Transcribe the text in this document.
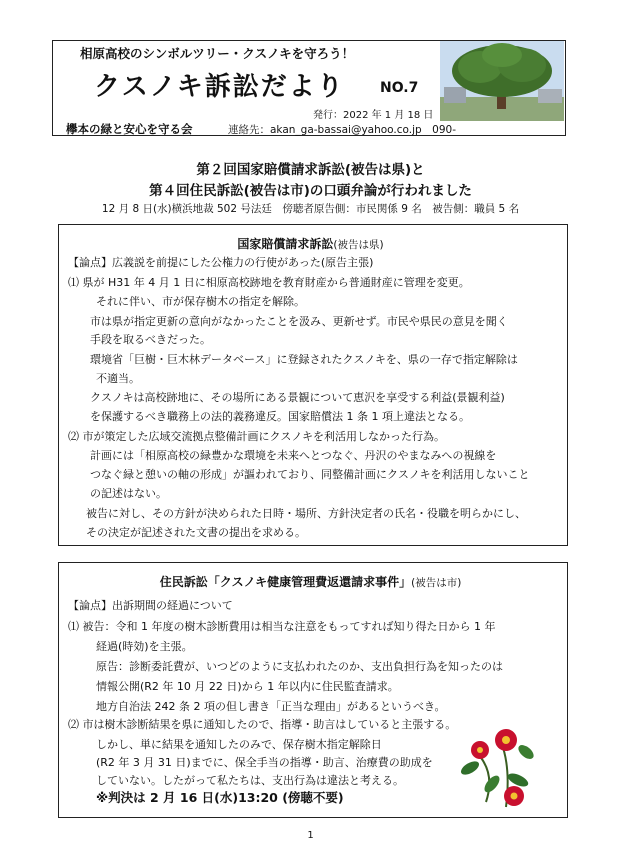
相原高校のシンボルツリー・クスノキを守ろう！
クスノキ訴訟だより	NO.7
発行：2022 年 1 月 18 日
欅本の緑と安心を守る会	連絡先：akan_ga-bassai@yahoo.co.jp　090-
第２回国家賠償請求訴訟(被告は県)と
第４回住民訴訟(被告は市)の口頭弁論が行われました
12 月 8 日(水)横浜地裁 502 号法廷　傍聴者原告側：市民関係 9 名　被告側：職員 5 名
国家賠償請求訴訟(被告は県)
【論点】広義説を前提にした公権力の行使があった(原告主張)
⑴ 県が H31 年 4 月 1 日に相原高校跡地を教育財産から普通財産に管理を変更。
それに伴い、市が保存樹木の指定を解除。
市は県が指定更新の意向がなかったことを汲み、更新せず。市民や県民の意見を聞く
手段を取るべきだった。
環境省「巨樹・巨木林データベース」に登録されたクスノキを、県の一存で指定解除は
不適当。
クスノキは高校跡地に、その場所にある景観について恵沢を享受する利益(景観利益)
を保護するべき職務上の法的義務違反。国家賠償法 1 条 1 項上違法となる。
⑵ 市が策定した広域交流拠点整備計画にクスノキを利活用しなかった行為。
計画には「相原高校の緑豊かな環境を未来へとつなぐ、丹沢のやまなみへの視線を
つなぐ緑と憩いの軸の形成」が謳われており、同整備計画にクスノキを利活用しないこと
の記述はない。
被告に対し、その方針が決められた日時・場所、方針決定者の氏名・役職を明らかにし、
その決定が記述された文書の提出を求める。
住民訴訟「クスノキ健康管理費返還請求事件」(被告は市)
【論点】出訴期間の経過について
⑴ 被告：令和 1 年度の樹木診断費用は相当な注意をもってすれば知り得た日から 1 年
経過(時効)を主張。
原告：診断委託費が、いつどのように支払われたのか、支出負担行為を知ったのは
情報公開(R2 年 10 月 22 日)から 1 年以内に住民監査請求。
地方自治法 242 条 2 項の但し書き「正当な理由」があるというべき。
⑵ 市は樹木診断結果を県に通知したので、指導・助言はしていると主張する。
しかし、単に結果を通知したのみで、保存樹木指定解除日
(R2 年 3 月 31 日)までに、保全手当の指導・助言、治療費の助成を
していない。したがって私たちは、支出行為は違法と考える。
※判決は 2 月 16 日(水)13:20 (傍聴不要)
1
